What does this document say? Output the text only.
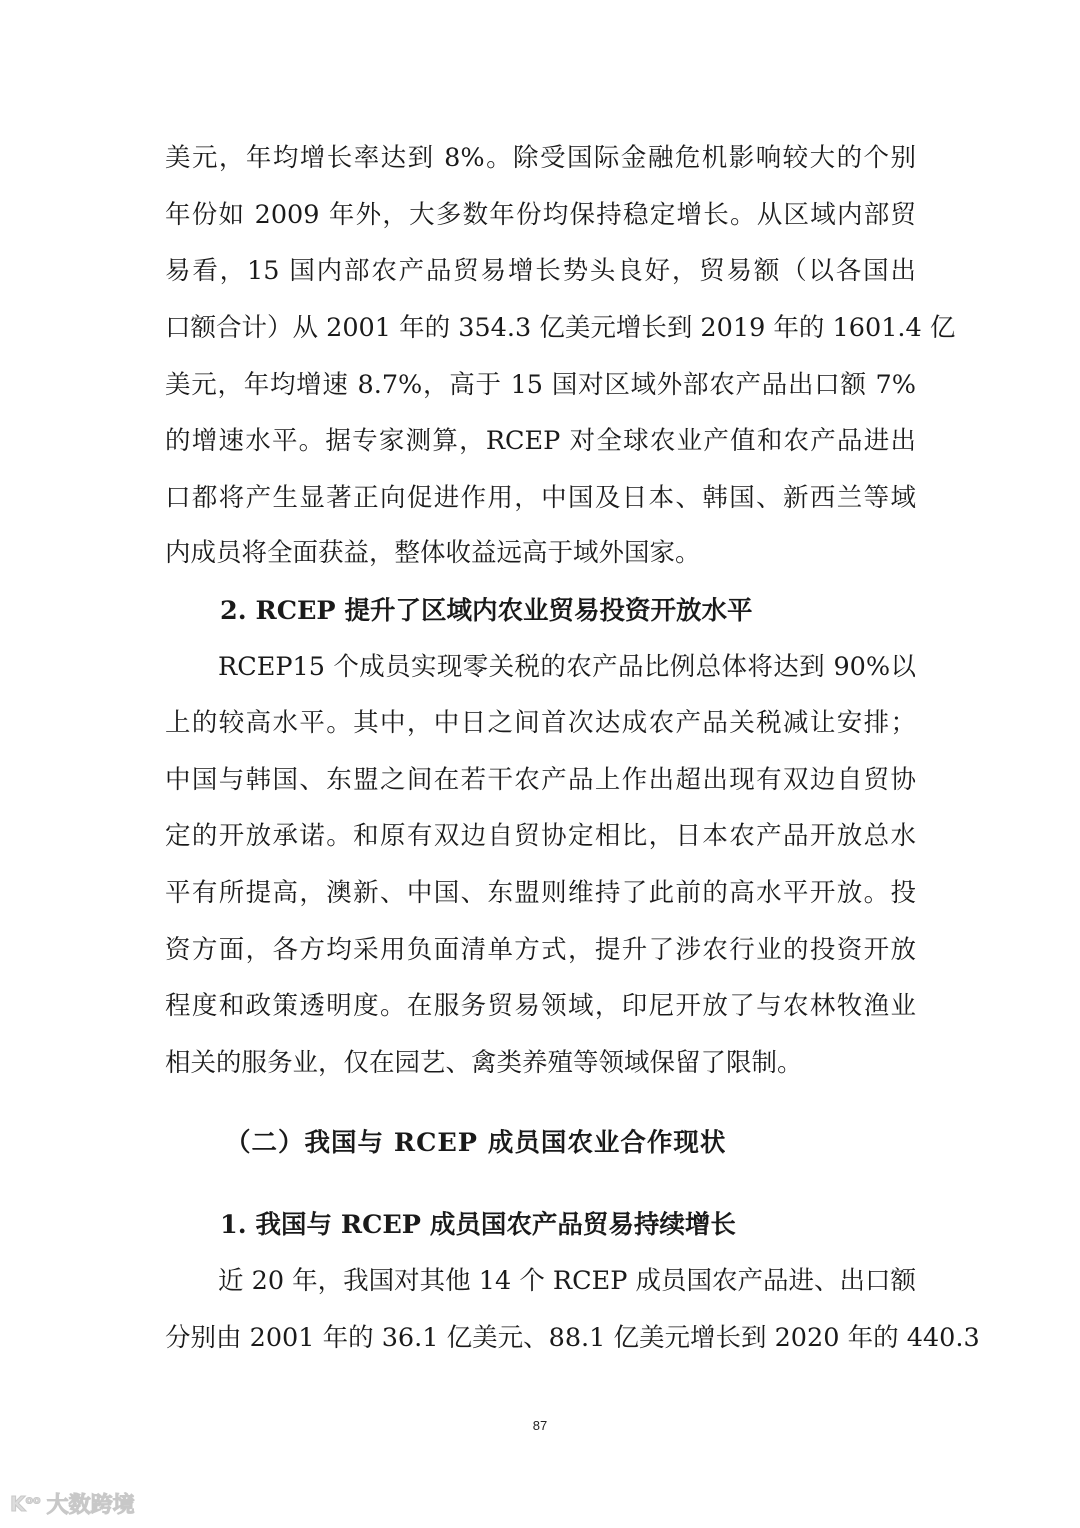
美元，年均增长率达到 8%。除受国际金融危机影响较大的个别
年份如 2009 年外，大多数年份均保持稳定增长。从区域内部贸
易看，15 国内部农产品贸易增长势头良好，贸易额（以各国出
口额合计）从 2001 年的 354.3 亿美元增长到 2019 年的 1601.4 亿
美元，年均增速 8.7%，高于 15 国对区域外部农产品出口额 7%
的增速水平。据专家测算，RCEP 对全球农业产值和农产品进出
口都将产生显著正向促进作用，中国及日本、韩国、新西兰等域
内成员将全面获益，整体收益远高于域外国家。
2. RCEP 提升了区域内农业贸易投资开放水平
RCEP15 个成员实现零关税的农产品比例总体将达到 90%以
上的较高水平。其中，中日之间首次达成农产品关税减让安排；
中国与韩国、东盟之间在若干农产品上作出超出现有双边自贸协
定的开放承诺。和原有双边自贸协定相比，日本农产品开放总水
平有所提高，澳新、中国、东盟则维持了此前的高水平开放。投
资方面，各方均采用负面清单方式，提升了涉农行业的投资开放
程度和政策透明度。在服务贸易领域，印尼开放了与农林牧渔业
相关的服务业，仅在园艺、禽类养殖等领域保留了限制。
（二）我国与 RCEP 成员国农业合作现状
1. 我国与 RCEP 成员国农产品贸易持续增长
近 20 年，我国对其他 14 个 RCEP 成员国农产品进、出口额
分别由 2001 年的 36.1 亿美元、88.1 亿美元增长到 2020 年的 440.3
87
$K^{oo}$ 大数跨境
